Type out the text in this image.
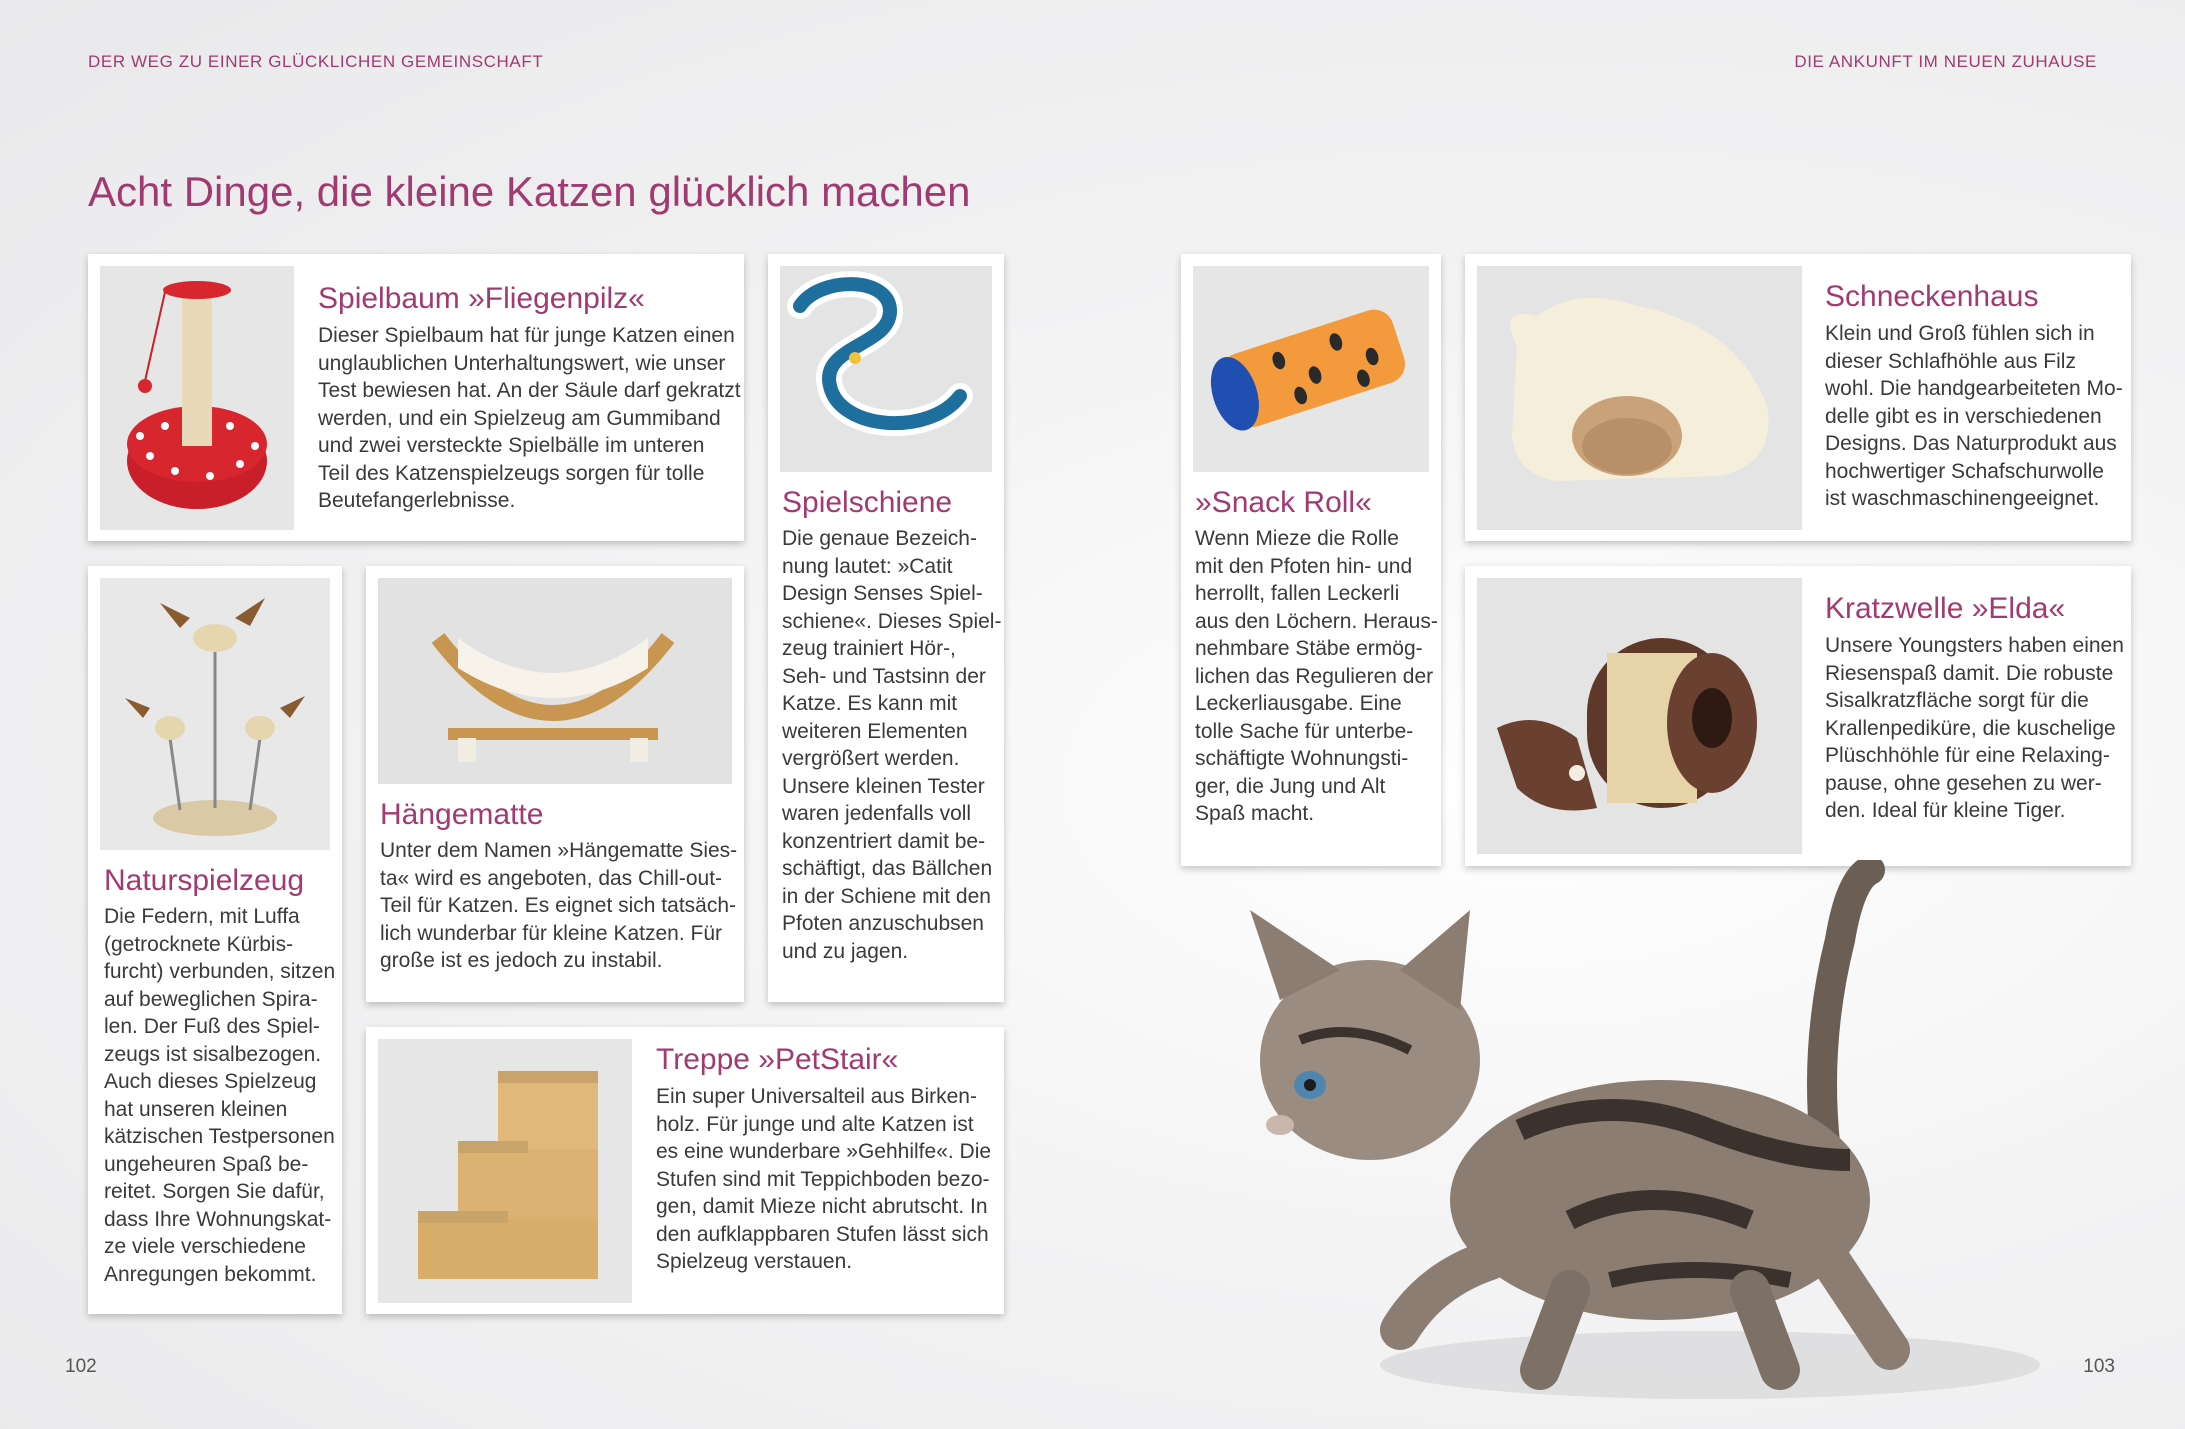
DER WEG ZU EINER GLÜCKLICHEN GEMEINSCHAFT	DIE ANKUNFT IM NEUEN ZUHAUSE
Acht Dinge, die kleine Katzen glücklich machen
Spielbaum »Fliegenpilz«
Dieser Spielbaum hat für junge Katzen einen
unglaublichen Unterhaltungswert, wie unser
Test bewiesen hat. An der Säule darf gekratzt
werden, und ein Spielzeug am Gummiband
und zwei versteckte Spielbälle im unteren
Teil des Katzenspielzeugs sorgen für tolle
Beutefangerlebnisse.	Spielschiene
Die genaue Bezeich-
nung lautet: »Catit
Design Senses Spiel-
schiene«. Dieses Spiel-
zeug trainiert Hör-,
Seh- und Tastsinn der
Katze. Es kann mit
weiteren Elementen
vergrößert werden.
Unsere kleinen Tester
waren jedenfalls voll
konzentriert damit be-
schäftigt, das Bällchen
in der Schiene mit den
Pfoten anzuschubsen
und zu jagen.
Naturspielzeug
Die Federn, mit Luffa
(getrocknete Kürbis-
furcht) verbunden, sitzen
auf beweglichen Spira-
len. Der Fuß des Spiel-
zeugs ist sisalbezogen.
Auch dieses Spielzeug
hat unseren kleinen
kätzischen Testpersonen
ungeheuren Spaß be-
reitet. Sorgen Sie dafür,
dass Ihre Wohnungskat-
ze viele verschiedene
Anregungen bekommt.
Hängematte
Unter dem Namen »Hängematte Sies-
ta« wird es angeboten, das Chill-out-
Teil für Katzen. Es eignet sich tatsäch-
lich wunderbar für kleine Katzen. Für
große ist es jedoch zu instabil.
Treppe »PetStair«
Ein super Universalteil aus Birken-
holz. Für junge und alte Katzen ist
es eine wunderbare »Gehhilfe«. Die
Stufen sind mit Teppichboden bezo-
gen, damit Mieze nicht abrutscht. In
den aufklappbaren Stufen lässt sich
Spielzeug verstauen.
»Snack Roll«
Wenn Mieze die Rolle
mit den Pfoten hin- und
herrollt, fallen Leckerli
aus den Löchern. Heraus-
nehmbare Stäbe ermög-
lichen das Regulieren der
Leckerliausgabe. Eine
tolle Sache für unterbe-
schäftigte Wohnungsti-
ger, die Jung und Alt
Spaß macht.
Schneckenhaus
Klein und Groß fühlen sich in
dieser Schlafhöhle aus Filz
wohl. Die handgearbeiteten Mo-
delle gibt es in verschiedenen
Designs. Das Naturprodukt aus
hochwertiger Schafschurwolle
ist waschmaschinengeeignet.
Kratzwelle »Elda«
Unsere Youngsters haben einen
Riesenspaß damit. Die robuste
Sisalkratzfläche sorgt für die
Krallenpediküre, die kuschelige
Plüschhöhle für eine Relaxing-
pause, ohne gesehen zu wer-
den. Ideal für kleine Tiger.
102	103
